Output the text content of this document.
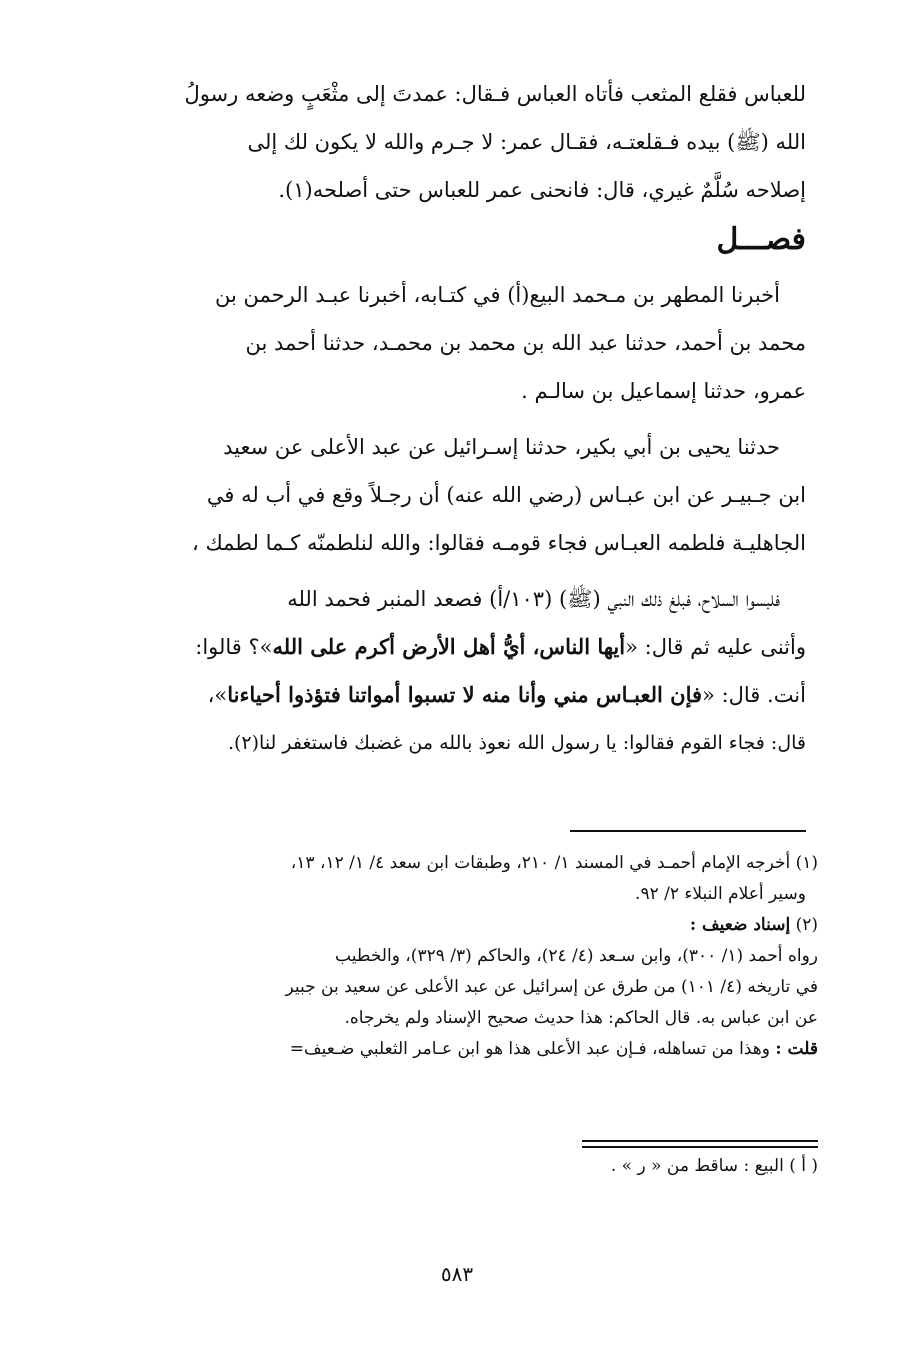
للعباس فقلع المثعب فأتاه العباس فـقال: عمدتَ إلى مثْعَبٍ وضعه رسولُ
الله (ﷺ) بيده فـقلعتـه، فقـال عمر: لا جـرم والله لا يكون لك إلى
إصلاحه سُلَّمٌ غيري، قال: فانحنى عمر للعباس حتى أصلحه(١).
فصـــل
أخبرنا المطهر بن مـحمد البيع(أ) في كتـابه، أخبرنا عبـد الرحمن بن
محمد بن أحمد، حدثنا عبد الله بن محمد بن محمـد، حدثنا أحمد بن
عمرو، حدثنا إسماعيل بن سالـم .
حدثنا يحيى بن أبي بكير، حدثنا إسـرائيل عن عبد الأعلى عن سعيد
ابن جـبيـر عن ابن عبـاس (رضي الله عنه) أن رجـلاً وقع في أب له في
الجاهليـة فلطمه العبـاس فجاء قومـه فقالوا: والله لنلطمنّه كـما لطمك ،
فلبسوا السلاح، فبلغ ذلك النبي (ﷺ) (١٠٣/أ) فصعد المنبر فحمد الله
وأثنى عليه ثم قال: «أيها الناس، أيُّ أهل الأرض أكرم على الله»؟ قالوا:
أنت. قال: «فإن العبـاس مني وأنا منه لا تسبوا أمواتنا فتؤذوا أحياءنا»،
قال: فجاء القوم فقالوا: يا رسول الله نعوذ بالله من غضبك فاستغفر لنا(٢).
(١) أخرجه الإمام أحمـد في المسند ١/ ٢١٠، وطبقات ابن سعد ٤/ ١/ ١٢، ١٣،
وسير أعلام النبلاء ٢/ ٩٢.
(٢) إسناد ضعيف :
رواه أحمد (١/ ٣٠٠)، وابن سـعد (٤/ ٢٤)، والحاكم (٣/ ٣٢٩)، والخطيب
في تاريخه (٤/ ١٠١) من طرق عن إسرائيل عن عبد الأعلى عن سعيد بن جبير
عن ابن عباس به. قال الحاكم: هذا حديث صحيح الإسناد ولم يخرجاه.
قلت : وهذا من تساهله، فـإن عبد الأعلى هذا هو ابن عـامر الثعلبي ضـعيف=
( أ ) البيع : ساقط من « ر » .
٥٨٣
